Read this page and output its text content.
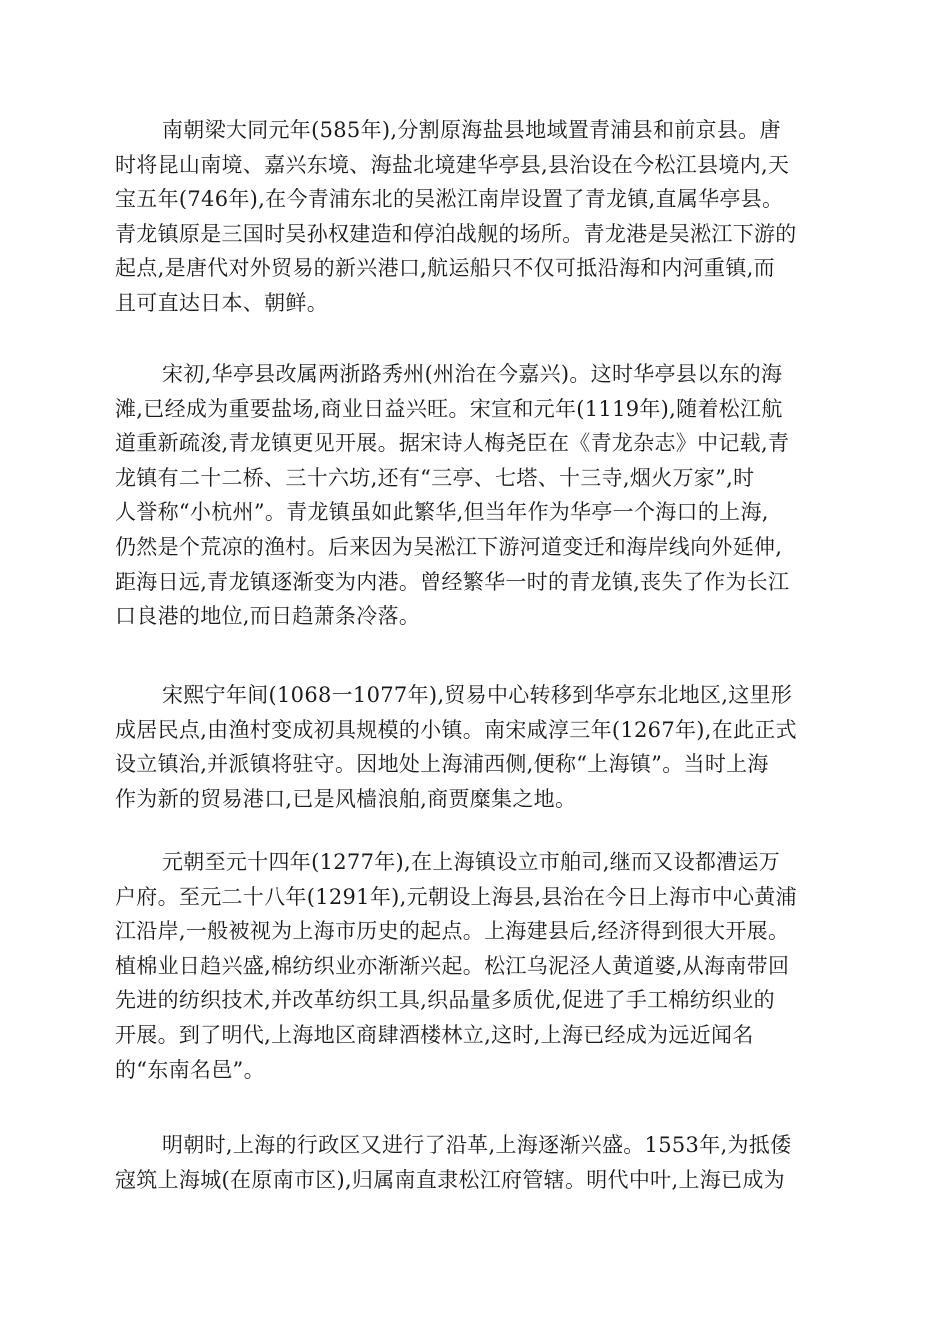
南朝梁大同元年(585年),分割原海盐县地域置青浦县和前京县。唐
时将昆山南境、嘉兴东境、海盐北境建华亭县,县治设在今松江县境内,天
宝五年(746年),在今青浦东北的吴淞江南岸设置了青龙镇,直属华亭县。
青龙镇原是三国时吴孙权建造和停泊战舰的场所。青龙港是吴淞江下游的
起点,是唐代对外贸易的新兴港口,航运船只不仅可抵沿海和内河重镇,而
且可直达日本、朝鲜。
宋初,华亭县改属两浙路秀州(州治在今嘉兴)。这时华亭县以东的海
滩,已经成为重要盐场,商业日益兴旺。宋宣和元年(1119年),随着松江航
道重新疏浚,青龙镇更见开展。据宋诗人梅尧臣在《青龙杂志》中记载,青
龙镇有二十二桥、三十六坊,还有“三亭、七塔、十三寺,烟火万家”,时
人誉称“小杭州”。青龙镇虽如此繁华,但当年作为华亭一个海口的上海,
仍然是个荒凉的渔村。后来因为吴淞江下游河道变迁和海岸线向外延伸,
距海日远,青龙镇逐渐变为内港。曾经繁华一时的青龙镇,丧失了作为长江
口良港的地位,而日趋萧条冷落。
宋熙宁年间(1068一1077年),贸易中心转移到华亭东北地区,这里形
成居民点,由渔村变成初具规模的小镇。南宋咸淳三年(1267年),在此正式
设立镇治,并派镇将驻守。因地处上海浦西侧,便称“上海镇”。当时上海
作为新的贸易港口,已是风樯浪舶,商贾糜集之地。
元朝至元十四年(1277年),在上海镇设立市舶司,继而又设都漕运万
户府。至元二十八年(1291年),元朝设上海县,县治在今日上海市中心黄浦
江沿岸,一般被视为上海市历史的起点。上海建县后,经济得到很大开展。
植棉业日趋兴盛,棉纺织业亦渐渐兴起。松江乌泥泾人黄道婆,从海南带回
先进的纺织技术,并改革纺织工具,织品量多质优,促进了手工棉纺织业的
开展。到了明代,上海地区商肆酒楼林立,这时,上海已经成为远近闻名
的“东南名邑”。
明朝时,上海的行政区又进行了沿革,上海逐渐兴盛。1553年,为抵倭
寇筑上海城(在原南市区),归属南直隶松江府管辖。明代中叶,上海已成为
